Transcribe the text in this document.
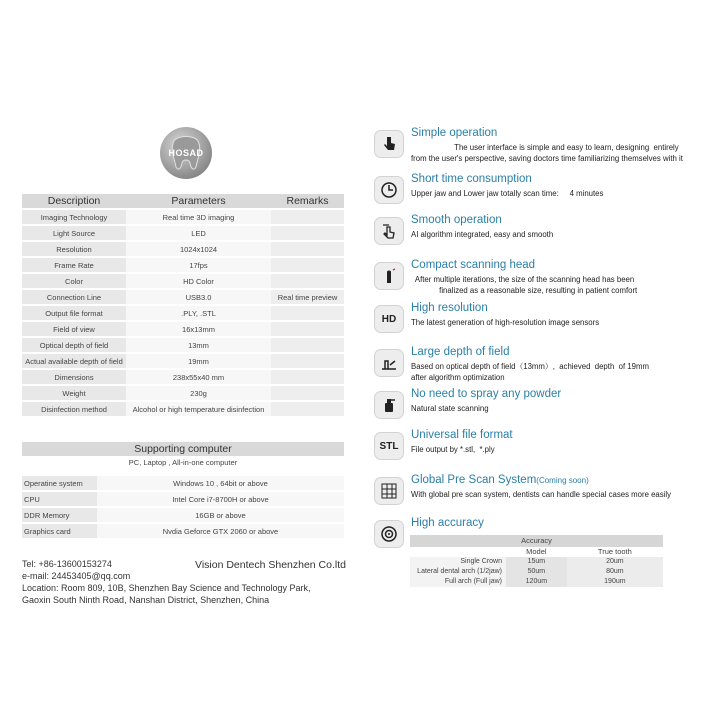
HOSAD
Description	Parameters	Remarks
Imaging Technology	Real time 3D imaging	
Light Source	LED	
Resolution	1024x1024	
Frame Rate	17fps	
Color	HD Color	
Connection Line	USB3.0	Real time preview
Output file format	.PLY, .STL	
Field of view	16x13mm	
Optical depth of field	13mm	
Actual available depth of field	19mm	
Dimensions	238x55x40 mm	
Weight	230g	
Disinfection method	Alcohol or high temperature disinfection	
Supporting computer
PC, Laptop , All-in-one computer
Operatine system	Windows 10 , 64bit or above
CPU	Intel Core i7-8700H or above
DDR Memory	16GB or above
Graphics card	Nvdia Geforce GTX 2060 or above
Tel: +86-13600153274	Vision Dentech Shenzhen Co.ltd
e-mail: 24453405@qq.com
Location: Room 809, 10B, Shenzhen Bay Science and Technology Park,
Gaoxin South Ninth Road, Nanshan District, Shenzhen, China
Simple operation
The user interface is simple and easy to learn, designing  entirely
from the user's perspective, saving doctors time familiarizing themselves with it
Short time consumption
Upper jaw and Lower jaw totally scan time:     4 minutes
Smooth operation
AI algorithm integrated, easy and smooth
Compact scanning head
After multiple iterations, the size of the scanning head has been
finalized as a reasonable size, resulting in patient comfort
HD
High resolution
The latest generation of high-resolution image sensors
Large depth of field
Based on optical depth of field（13mm）,  achieved  depth  of 19mm
after algorithm optimization
No need to spray any powder
Natural state scanning
STL
Universal file format
File output by *.stl,  *.ply
Global Pre Scan System(Coming soon)
With global pre scan system, dentists can handle special cases more easily
High accuracy
Accuracy		
	Model	True tooth
Single Crown	15um	20um
Lateral dental arch (1/2jaw)	50um	80um
Full arch (Full jaw)	120um	190um
